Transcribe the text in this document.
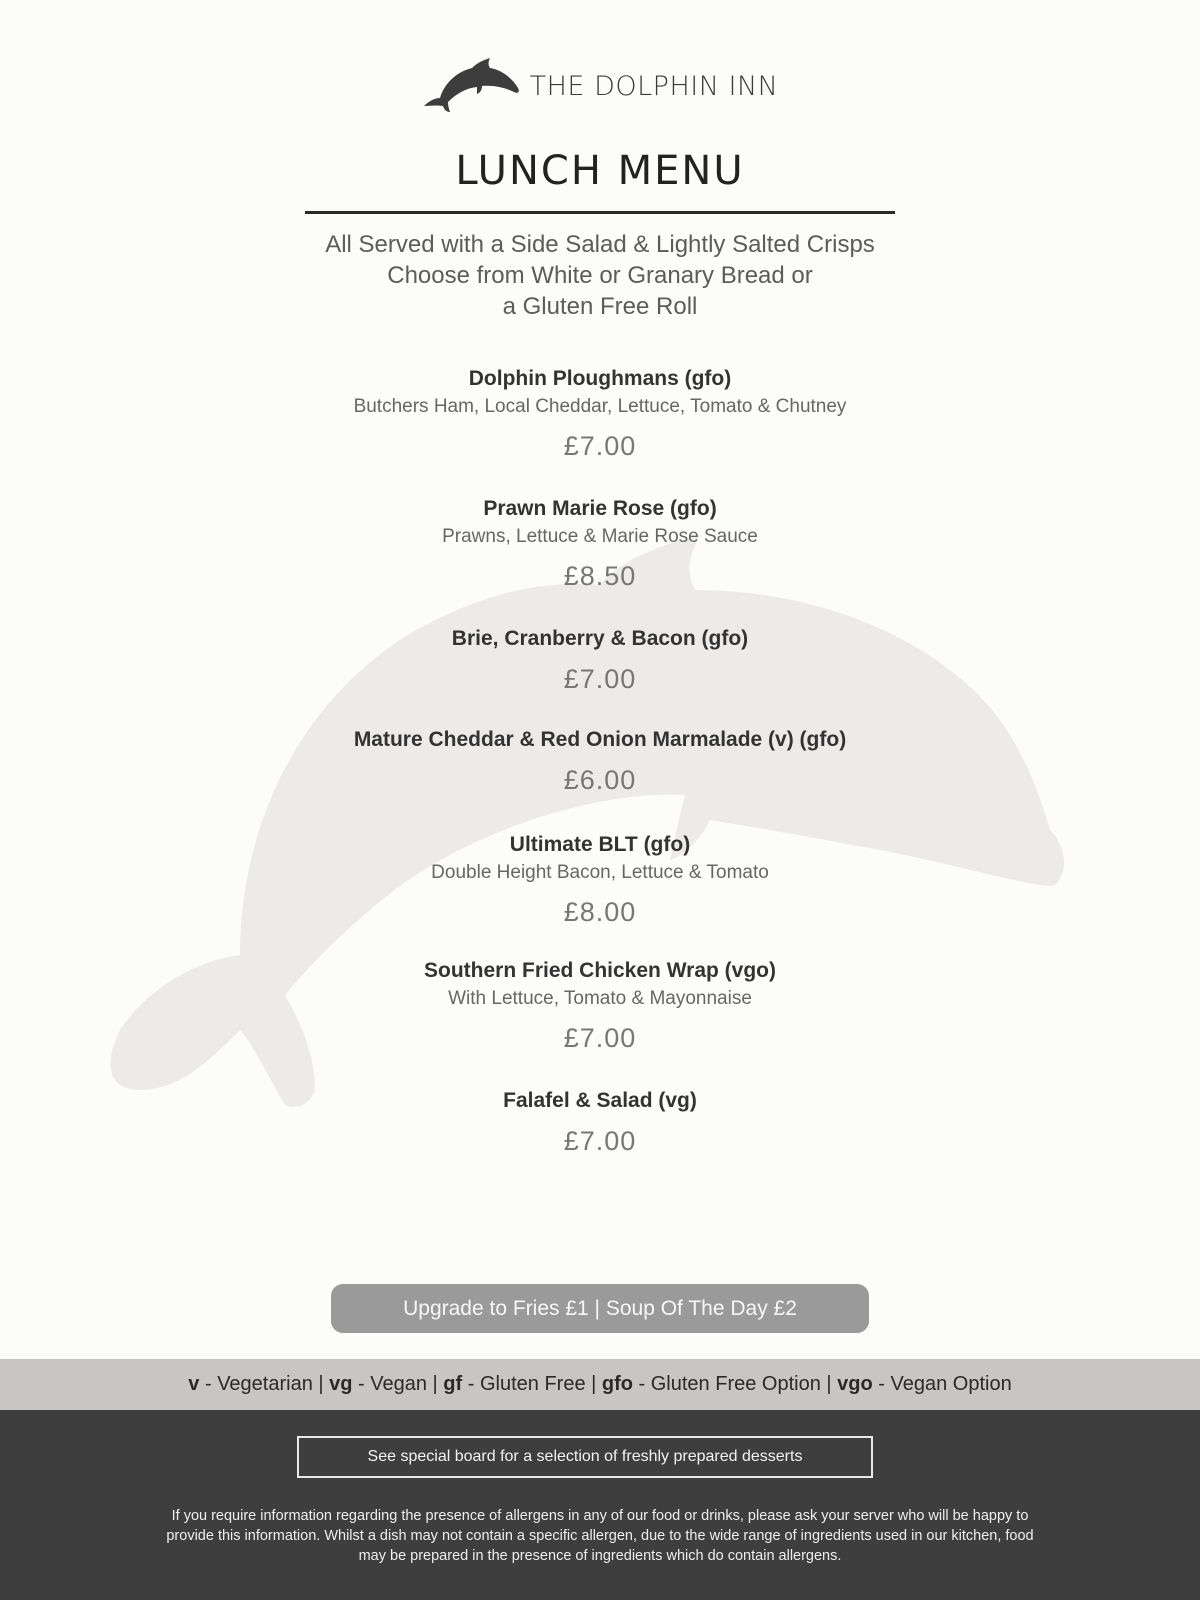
THE DOLPHIN INN
LUNCH MENU
All Served with a Side Salad & Lightly Salted Crisps
Choose from White or Granary Bread or
a Gluten Free Roll
Dolphin Ploughmans (gfo)
Butchers Ham, Local Cheddar, Lettuce, Tomato & Chutney
£7.00
Prawn Marie Rose (gfo)
Prawns, Lettuce & Marie Rose Sauce
£8.50
Brie, Cranberry & Bacon (gfo)
£7.00
Mature Cheddar & Red Onion Marmalade (v) (gfo)
£6.00
Ultimate BLT (gfo)
Double Height Bacon, Lettuce & Tomato
£8.00
Southern Fried Chicken Wrap (vgo)
With Lettuce, Tomato & Mayonnaise
£7.00
Falafel & Salad (vg)
£7.00
Upgrade to Fries £1 | Soup Of The Day £2
v - Vegetarian | vg - Vegan | gf - Gluten Free | gfo - Gluten Free Option | vgo - Vegan Option
See special board for a selection of freshly prepared desserts
If you require information regarding the presence of allergens in any of our food or drinks, please ask your server who will be happy to
provide this information. Whilst a dish may not contain a specific allergen, due to the wide range of ingredients used in our kitchen, food
may be prepared in the presence of ingredients which do contain allergens.
